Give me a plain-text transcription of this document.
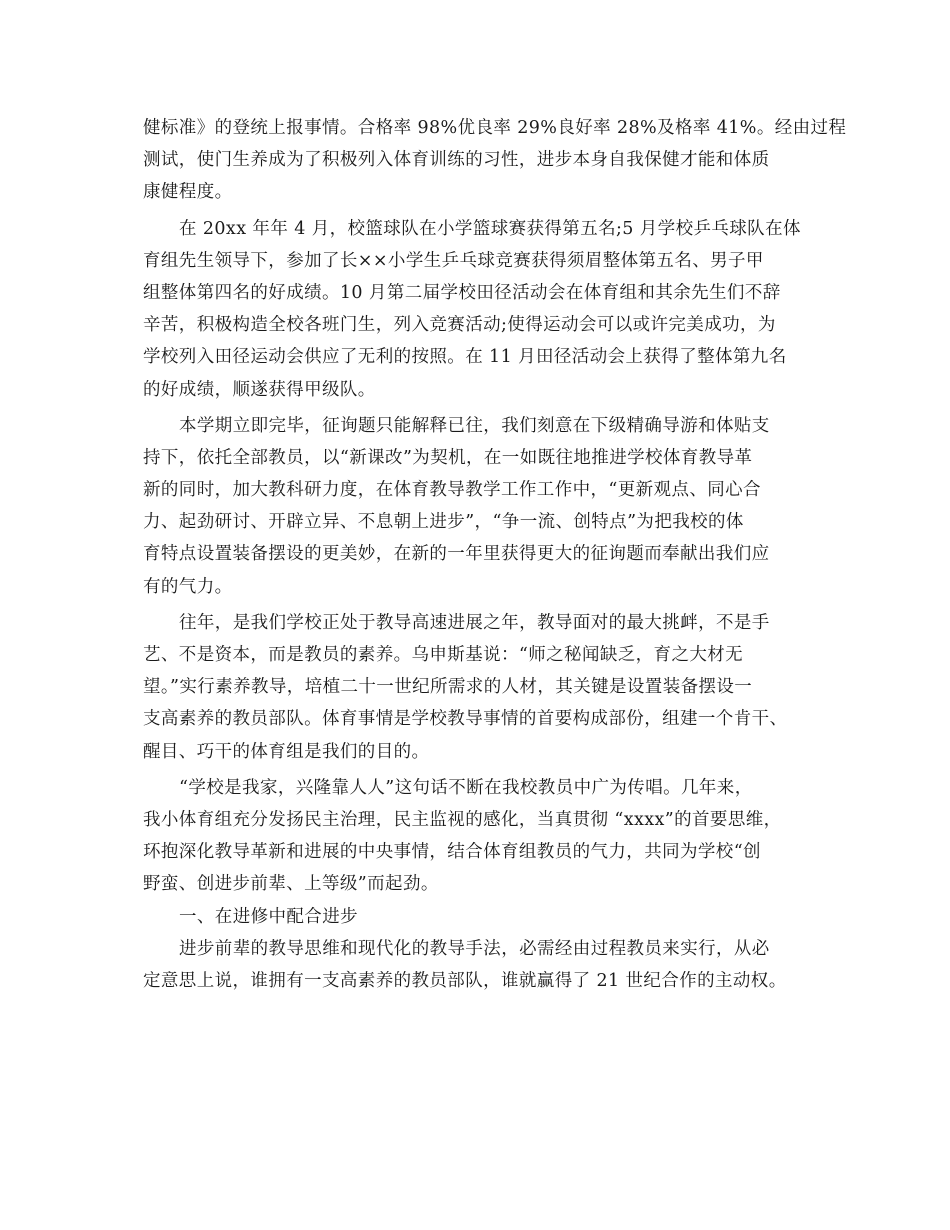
健标准》的登统上报事情。合格率 98%优良率 29%良好率 28%及格率 41%。经由过程
测试，使门生养成为了积极列入体育训练的习性，进步本身自我保健才能和体质
康健程度。
在 20xx 年年 4 月，校篮球队在小学篮球赛获得第五名;5 月学校乒乓球队在体
育组先生领导下，参加了长××小学生乒乓球竞赛获得须眉整体第五名、男子甲
组整体第四名的好成绩。10 月第二届学校田径活动会在体育组和其余先生们不辞
辛苦，积极构造全校各班门生，列入竞赛活动;使得运动会可以或许完美成功，为
学校列入田径运动会供应了无利的按照。在 11 月田径活动会上获得了整体第九名
的好成绩，顺遂获得甲级队。
本学期立即完毕，征询题只能解释已往，我们刻意在下级精确导游和体贴支
持下，依托全部教员，以“新课改”为契机，在一如既往地推进学校体育教导革
新的同时，加大教科研力度，在体育教导教学工作工作中，“更新观点、同心合
力、起劲研讨、开辟立异、不息朝上进步”，“争一流、创特点”为把我校的体
育特点设置装备摆设的更美妙，在新的一年里获得更大的征询题而奉献出我们应
有的气力。
往年，是我们学校正处于教导高速进展之年，教导面对的最大挑衅，不是手
艺、不是资本，而是教员的素养。乌申斯基说：“师之秘闻缺乏，育之大材无
望。”实行素养教导，培植二十一世纪所需求的人材，其关键是设置装备摆设一
支高素养的教员部队。体育事情是学校教导事情的首要构成部份，组建一个肯干、
醒目、巧干的体育组是我们的目的。
“学校是我家，兴隆靠人人”这句话不断在我校教员中广为传唱。几年来，
我小体育组充分发扬民主治理，民主监视的感化，当真贯彻 “xxxx”的首要思维，
环抱深化教导革新和进展的中央事情，结合体育组教员的气力，共同为学校“创
野蛮、创进步前辈、上等级”而起劲。
一、在进修中配合进步
进步前辈的教导思维和现代化的教导手法，必需经由过程教员来实行，从必
定意思上说，谁拥有一支高素养的教员部队，谁就赢得了 21 世纪合作的主动权。
